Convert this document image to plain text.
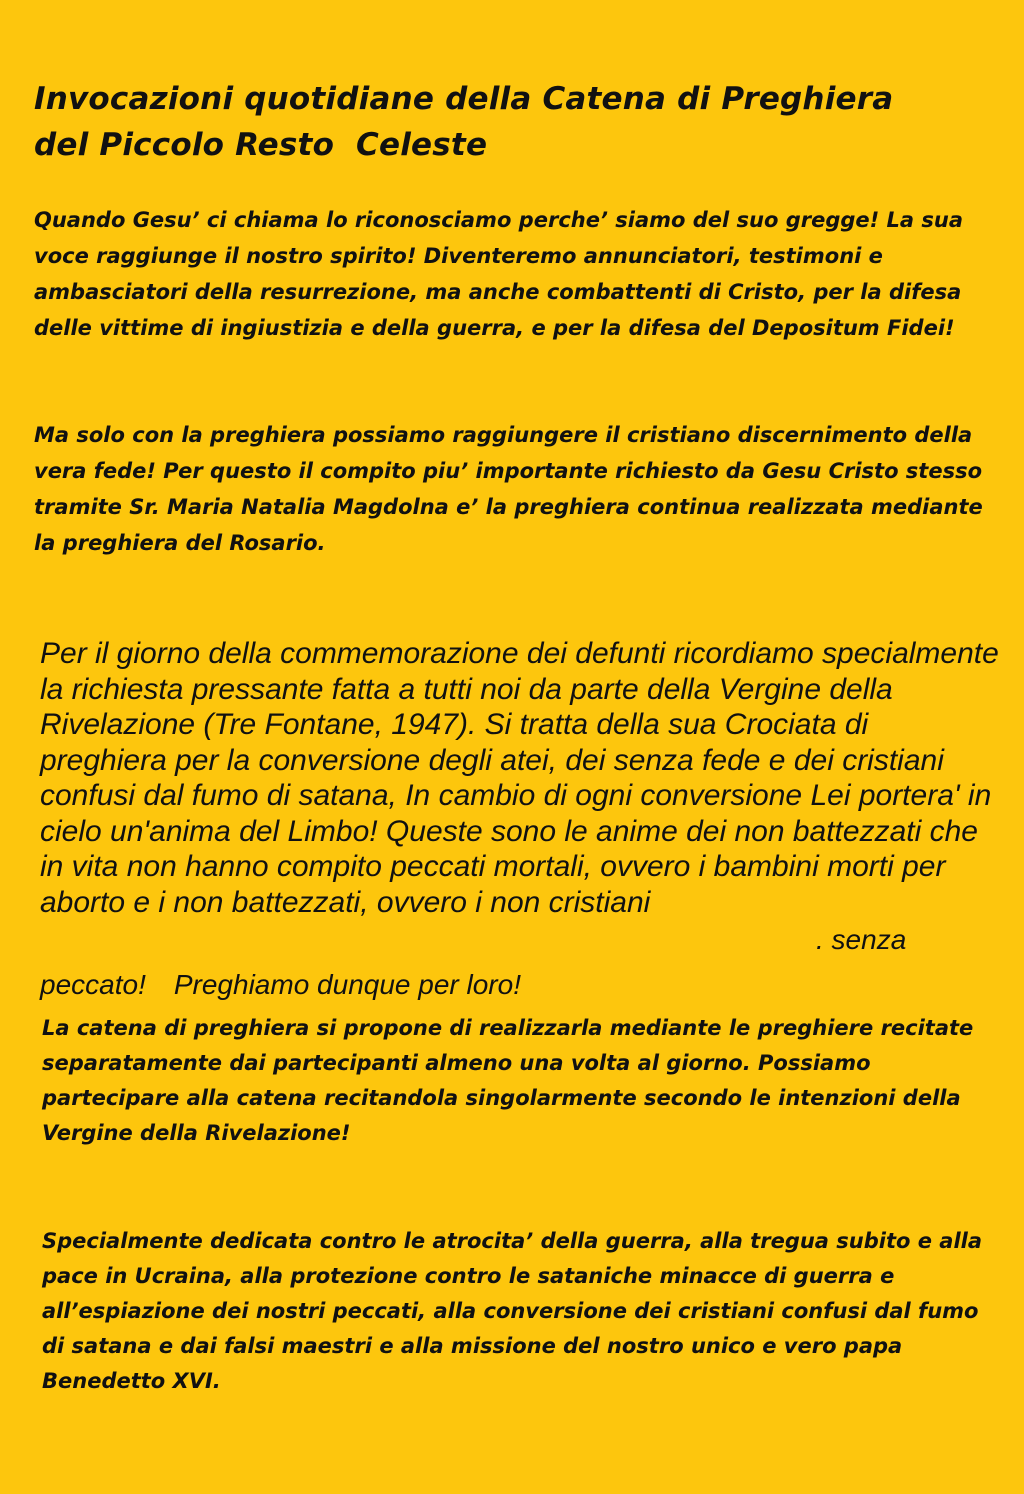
Invocazioni quotidiane della Catena di Preghiera
del Piccolo Resto  Celeste

Quando Gesu’ ci chiama lo riconosciamo perche’ siamo del suo gregge! La sua voce raggiunge il nostro spirito! Diventeremo annunciatori, testimoni e ambasciatori della resurrezione, ma anche combattenti di Cristo, per la difesa delle vittime di ingiustizia e della guerra, e per la difesa del Depositum Fidei!

Ma solo con la preghiera possiamo raggiungere il cristiano discernimento della vera fede! Per questo il compito piu’ importante richiesto da Gesu Cristo stesso tramite Sr. Maria Natalia Magdolna e’ la preghiera continua realizzata mediante la preghiera del Rosario.

Per il giorno della commemorazione dei defunti ricordiamo specialmente la richiesta pressante fatta a tutti noi da parte della Vergine della Rivelazione (Tre Fontane, 1947). Si tratta della sua Crociata di preghiera per la conversione degli atei, dei senza fede e dei cristiani confusi dal fumo di satana, In cambio di ogni conversione Lei portera' in cielo un'anima del Limbo! Queste sono le anime dei non battezzati che in vita non hanno compito peccati mortali, ovvero i bambini morti per aborto e i non battezzati, ovvero i non cristiani

. senza

peccato! Preghiamo dunque per loro!

La catena di preghiera si propone di realizzarla mediante le preghiere recitate separatamente dai partecipanti almeno una volta al giorno. Possiamo partecipare alla catena recitandola singolarmente secondo le intenzioni della Vergine della Rivelazione!

Specialmente dedicata contro le atrocita’ della guerra, alla tregua subito e alla pace in Ucraina, alla protezione contro le sataniche minacce di guerra e all’espiazione dei nostri peccati, alla conversione dei cristiani confusi dal fumo di satana e dai falsi maestri e alla missione del nostro unico e vero papa Benedetto XVI.
